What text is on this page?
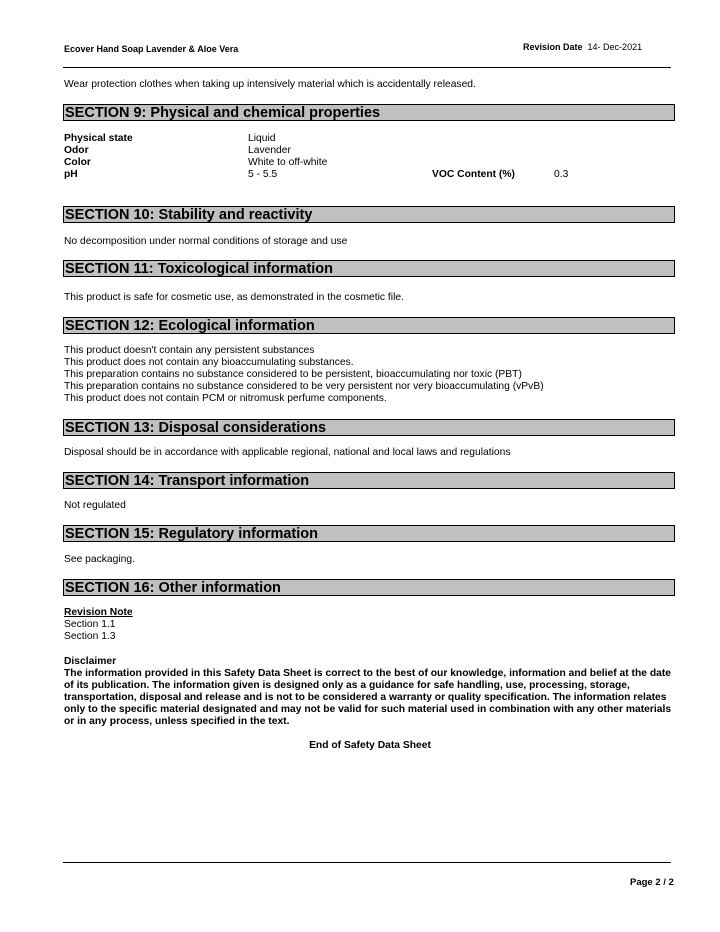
Ecover Hand Soap Lavender & Aloe Vera	Revision Date 14- Dec-2021
Wear protection clothes when taking up intensively material which is accidentally released.
SECTION 9: Physical and chemical properties
Physical state	Liquid
Odor	Lavender
Color	White to off-white
pH	5 - 5.5	VOC Content (%)	0.3
SECTION 10: Stability and reactivity
No decomposition under normal conditions of storage and use
SECTION 11: Toxicological information
This product is safe for cosmetic use, as demonstrated in the cosmetic file.
SECTION 12: Ecological information
This product doesn't contain any persistent substances
This product does not contain any bioaccumulating substances.
This preparation contains no substance considered to be persistent, bioaccumulating nor toxic (PBT)
This preparation contains no substance considered to be very persistent nor very bioaccumulating (vPvB)
This product does not contain PCM or nitromusk perfume components.
SECTION 13: Disposal considerations
Disposal should be in accordance with applicable regional, national and local laws and regulations
SECTION 14: Transport information
Not regulated
SECTION 15: Regulatory information
See packaging.
SECTION 16: Other information
Revision Note
Section 1.1
Section 1.3
Disclaimer
The information provided in this Safety Data Sheet is correct to the best of our knowledge, information and belief at the date of its publication. The information given is designed only as a guidance for safe handling, use, processing, storage, transportation, disposal and release and is not to be considered a warranty or quality specification. The information relates only to the specific material designated and may not be valid for such material used in combination with any other materials or in any process, unless specified in the text.
End of Safety Data Sheet
Page 2 / 2
